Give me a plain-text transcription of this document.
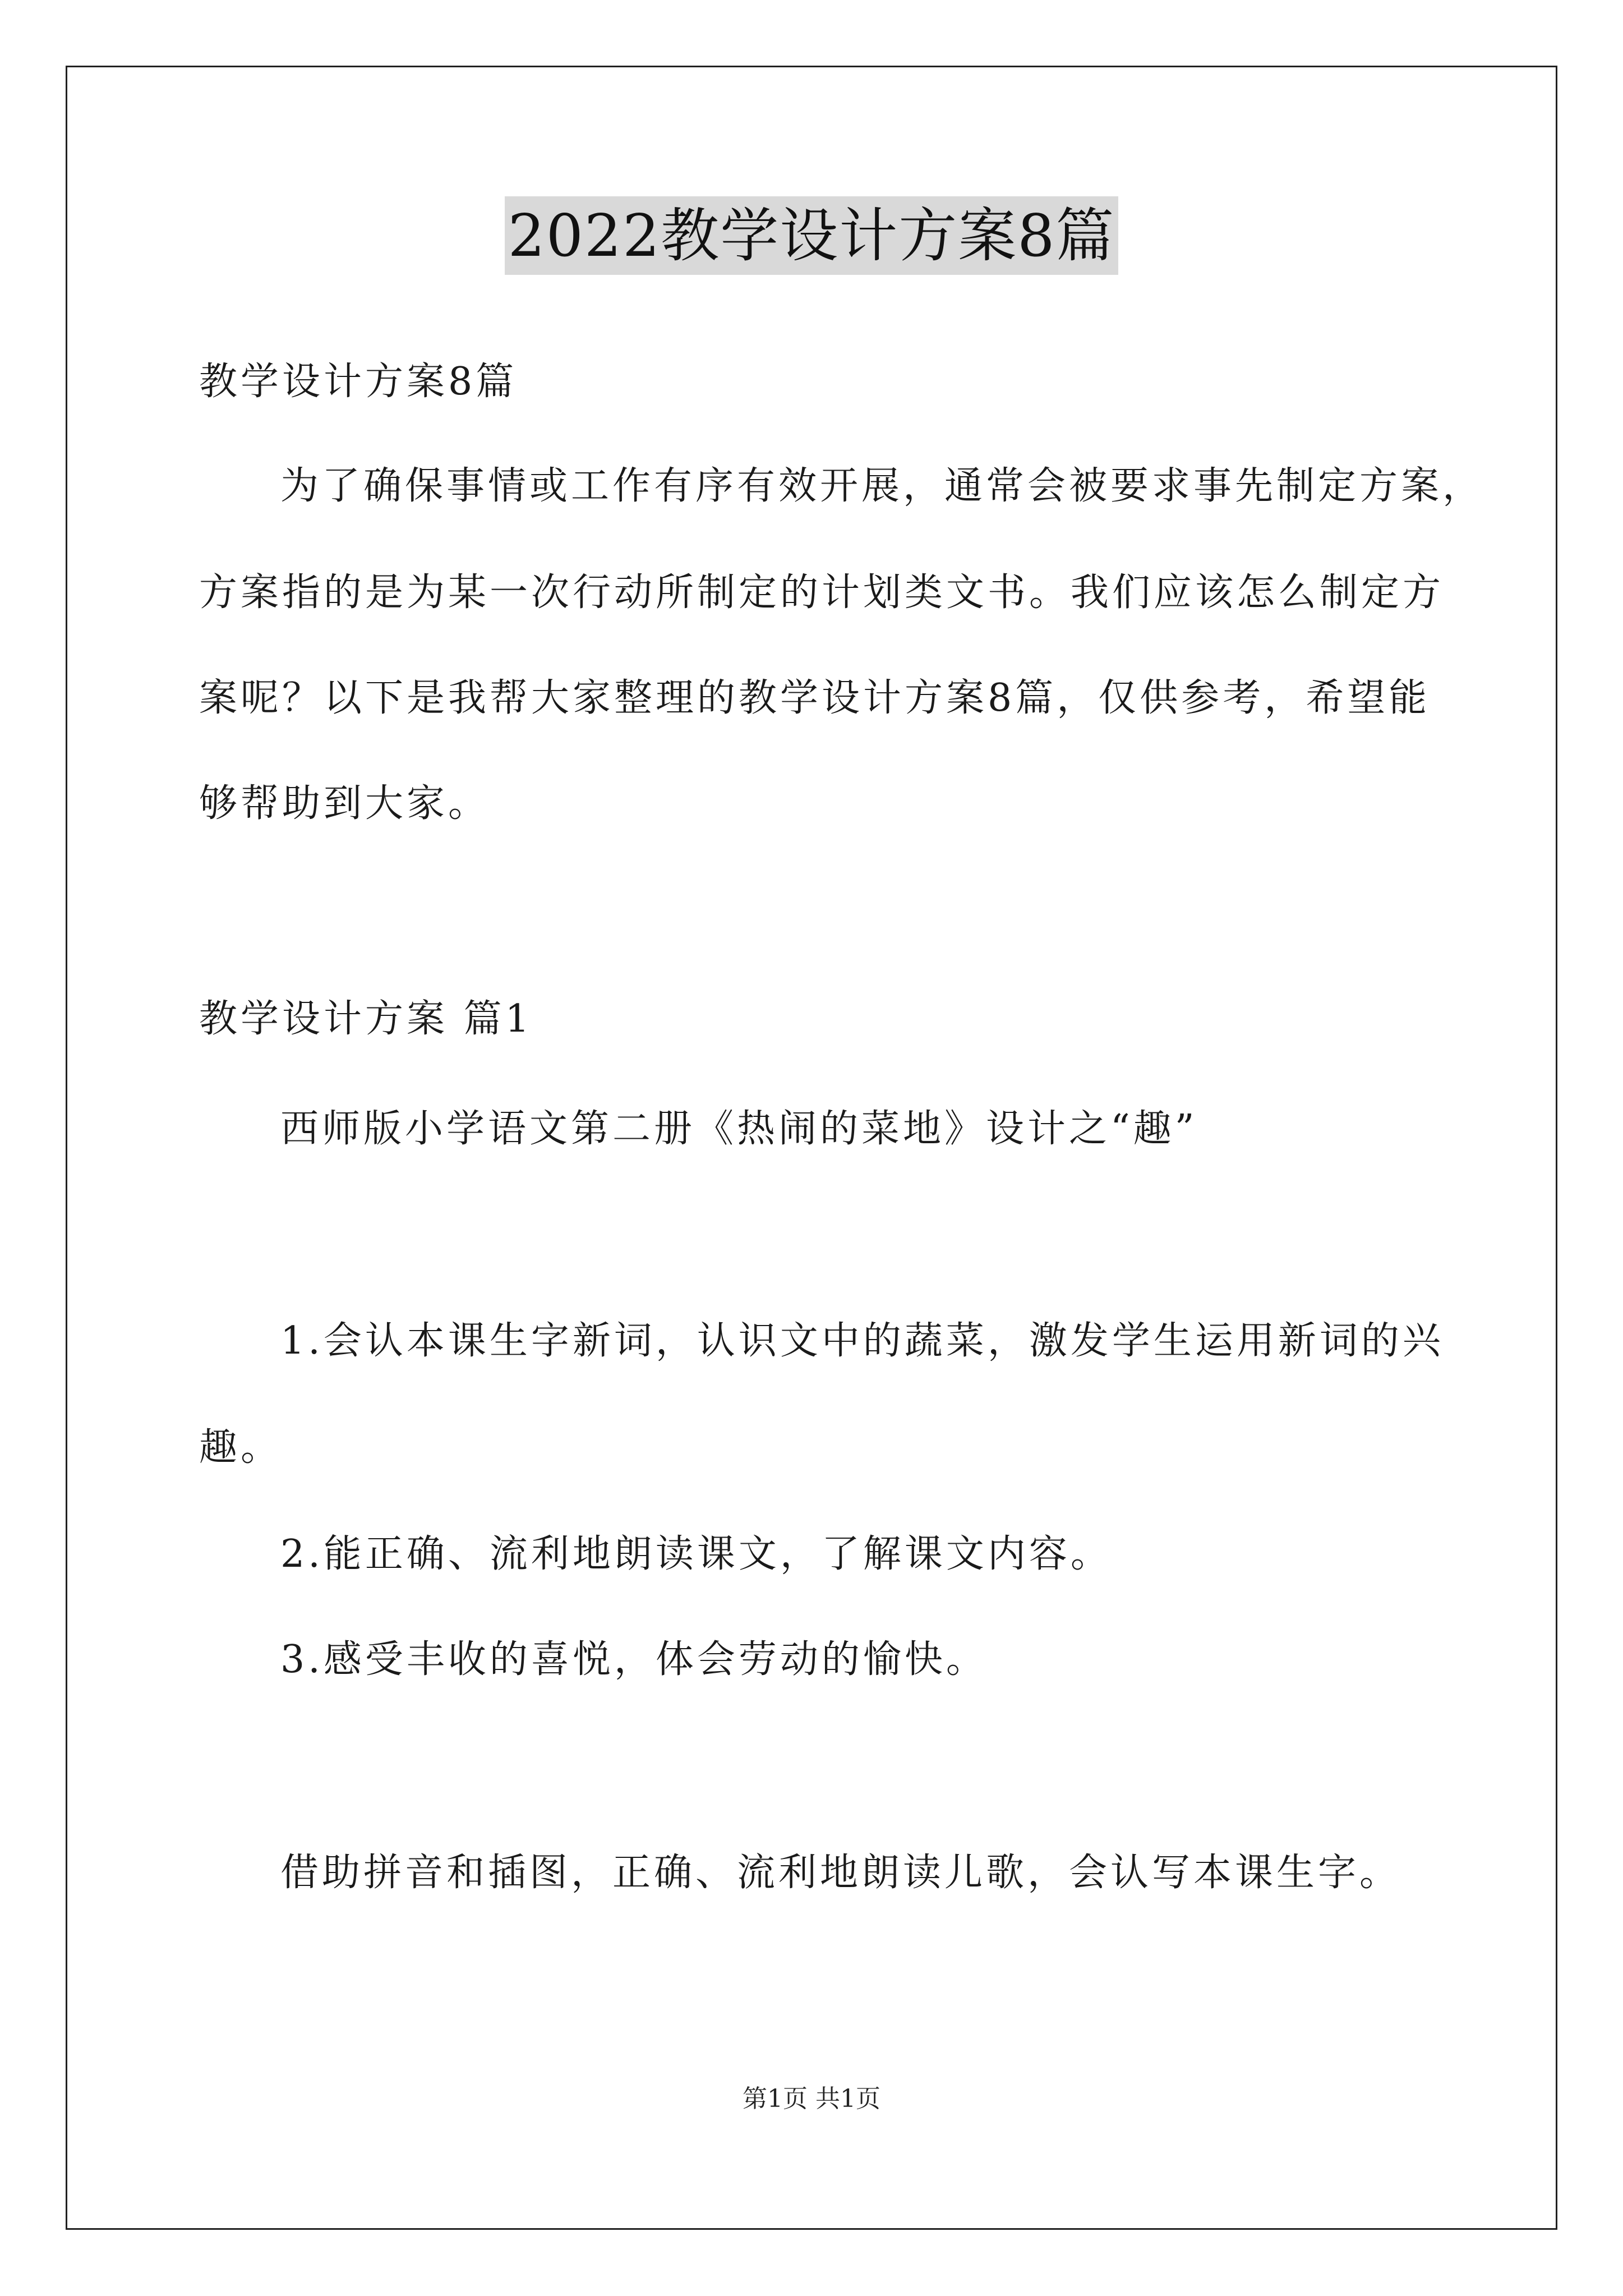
2022教学设计方案8篇
教学设计方案8篇
为了确保事情或工作有序有效开展，通常会被要求事先制定方案，
方案指的是为某一次行动所制定的计划类文书。我们应该怎么制定方
案呢？以下是我帮大家整理的教学设计方案8篇，仅供参考，希望能
够帮助到大家。
教学设计方案 篇1
西师版小学语文第二册《热闹的菜地》设计之“趣”
1.会认本课生字新词，认识文中的蔬菜，激发学生运用新词的兴
趣。
2.能正确、流利地朗读课文，了解课文内容。
3.感受丰收的喜悦，体会劳动的愉快。
借助拼音和插图，正确、流利地朗读儿歌，会认写本课生字。
第1页 共1页
